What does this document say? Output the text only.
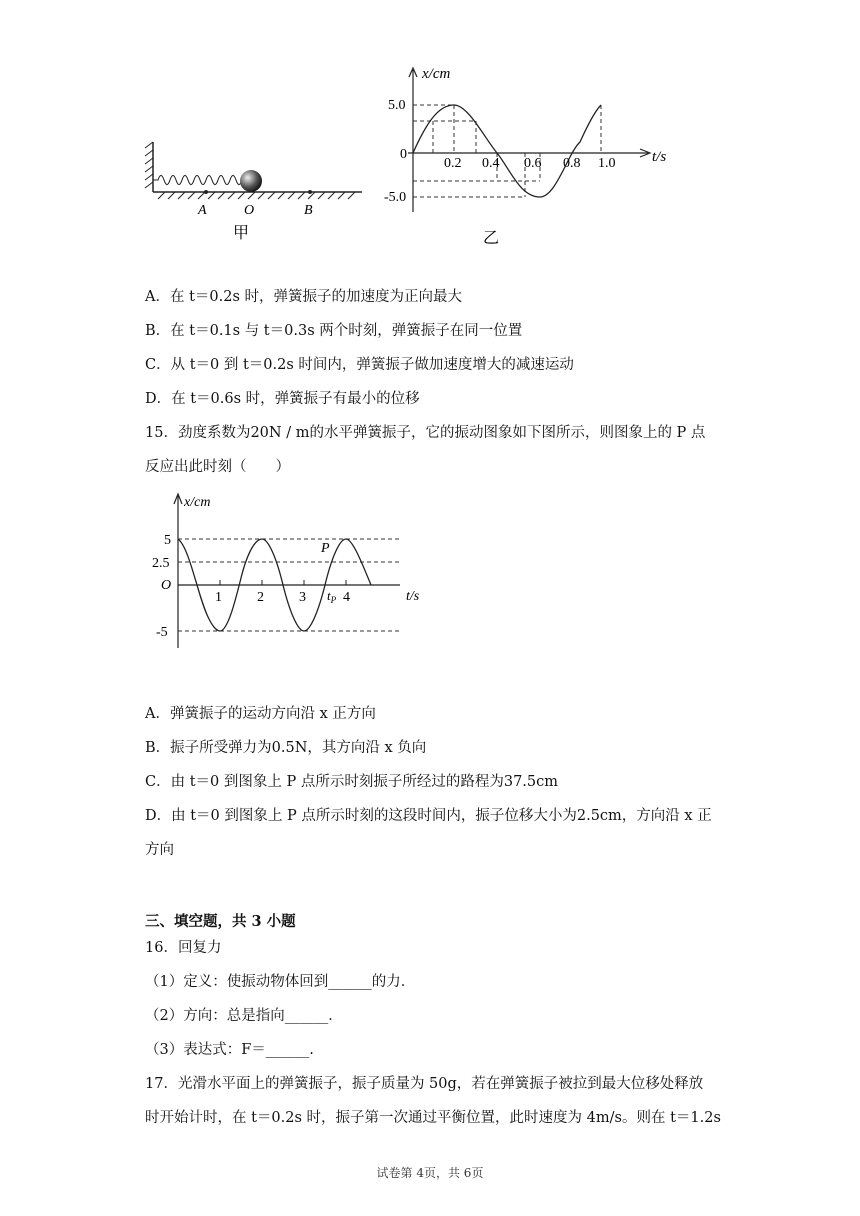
A	O	B
甲
x/cm
t/s
5.0
0
-5.0
0.2 0.4 0.6 0.8 1.0
乙
A．在 t＝0.2s 时，弹簧振子的加速度为正向最大
B．在 t＝0.1s 与 t＝0.3s 两个时刻，弹簧振子在同一位置
C．从 t＝0 到 t＝0.2s 时间内，弹簧振子做加速度增大的减速运动
D．在 t＝0.6s 时，弹簧振子有最小的位移
15．劲度系数为20N / m的水平弹簧振子，它的振动图象如下图所示，则图象上的 P 点
反应出此时刻（　　）
x/cm
t/s
P
5
2.5
O
-5
1	2	3	4
$t_P$
A．弹簧振子的运动方向沿 x 正方向
B．振子所受弹力为0.5N，其方向沿 x 负向
C．由 t＝0 到图象上 P 点所示时刻振子所经过的路程为37.5cm
D．由 t＝0 到图象上 P 点所示时刻的这段时间内，振子位移大小为2.5cm，方向沿 x 正
方向
三、填空题，共 3 小题
16．回复力
（1）定义：使振动物体回到______的力．
（2）方向：总是指向______．
（3）表达式：F＝______.
17．光滑水平面上的弹簧振子，振子质量为 50g，若在弹簧振子被拉到最大位移处释放
时开始计时，在 t＝0.2s 时，振子第一次通过平衡位置，此时速度为 4m/s。则在 t＝1.2s
试卷第 4页，共 6页
